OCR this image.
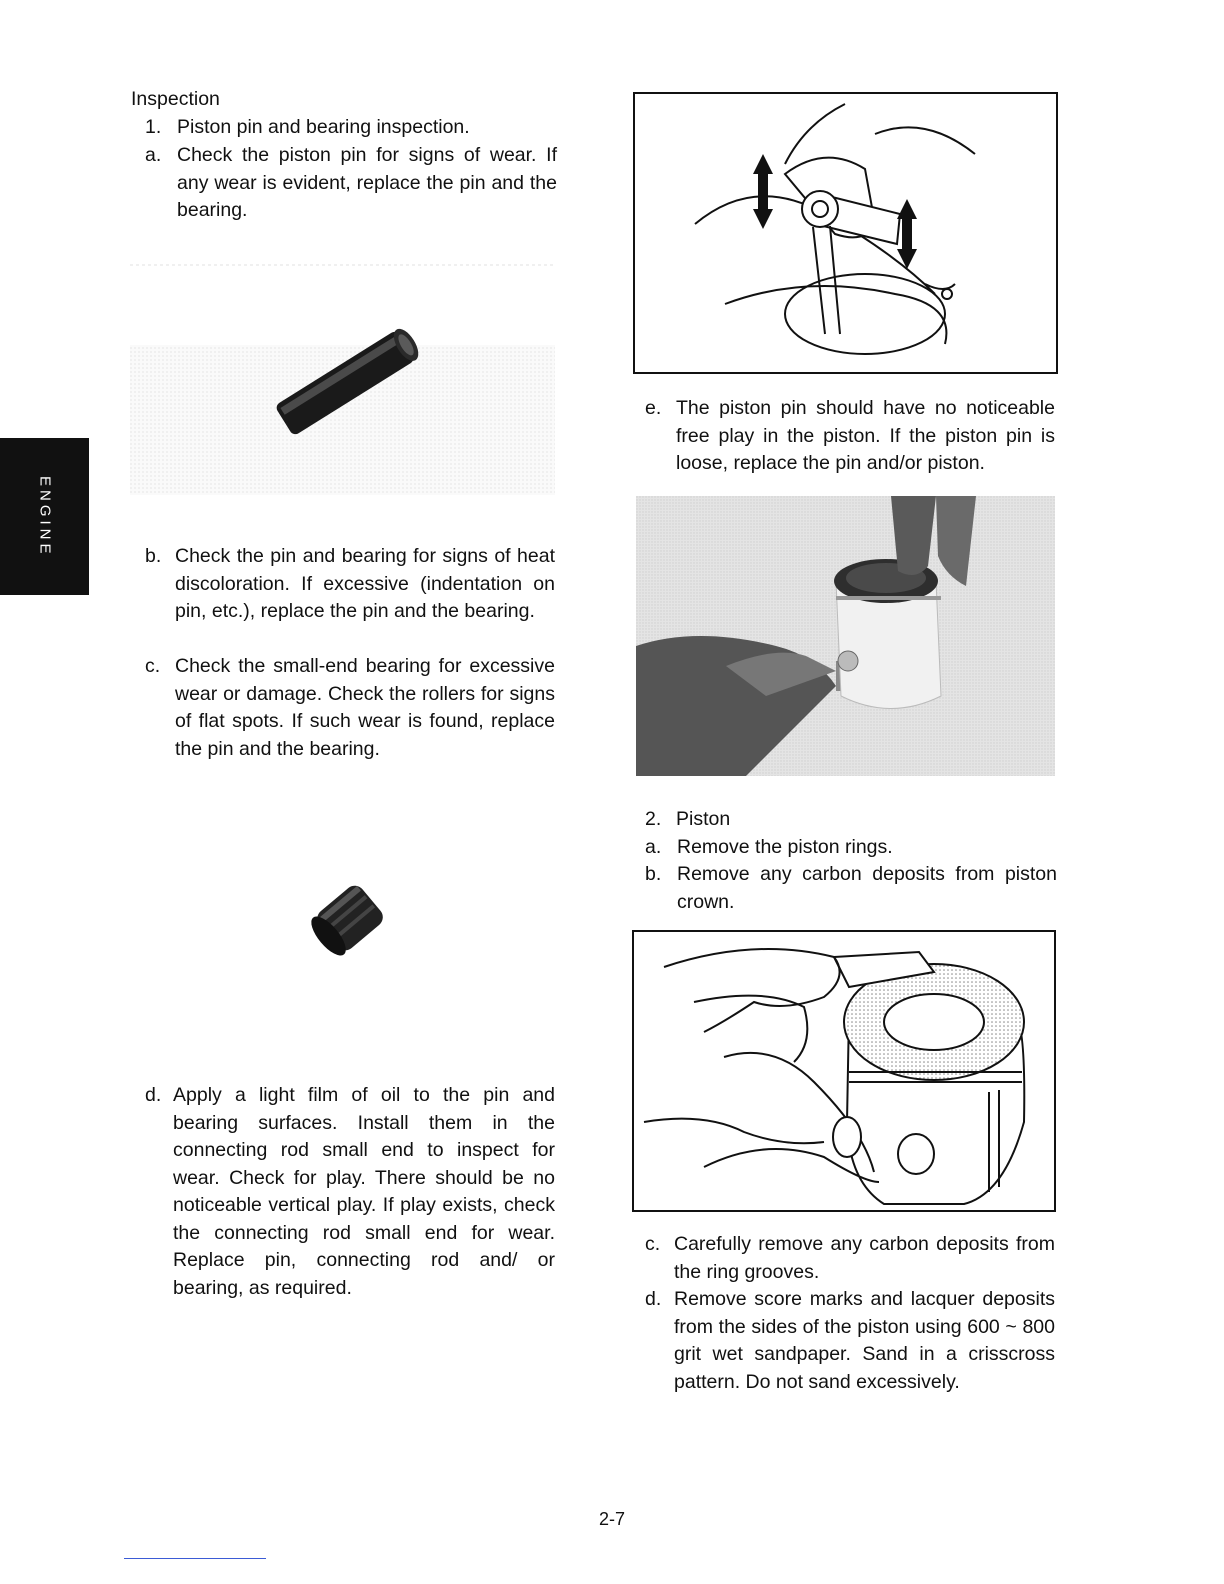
ENGINE
Inspection
1. Piston pin and bearing inspection.
a. Check the piston pin for signs of wear. If any wear is evident, replace the pin and the bearing.
b. Check the pin and bearing for signs of heat discoloration. If excessive (indentation on pin, etc.), replace the pin and the bearing.
c. Check the small-end bearing for excessive wear or damage. Check the rollers for signs of flat spots. If such wear is found, replace the pin and the bearing.
d. Apply a light film of oil to the pin and bearing surfaces. Install them in the connecting rod small end to inspect for wear. Check for play. There should be no noticeable vertical play. If play exists, check the connecting rod small end for wear. Replace pin, connecting rod and/ or bearing, as required.
e. The piston pin should have no noticeable free play in the piston. If the piston pin is loose, replace the pin and/or piston.
2. Piston
a. Remove the piston rings.
b. Remove any carbon deposits from piston crown.
c. Carefully remove any carbon deposits from the ring grooves.
d. Remove score marks and lacquer deposits from the sides of the piston using 600 ~ 800 grit wet sandpaper. Sand in a crisscross pattern. Do not sand excessively.
2-7
